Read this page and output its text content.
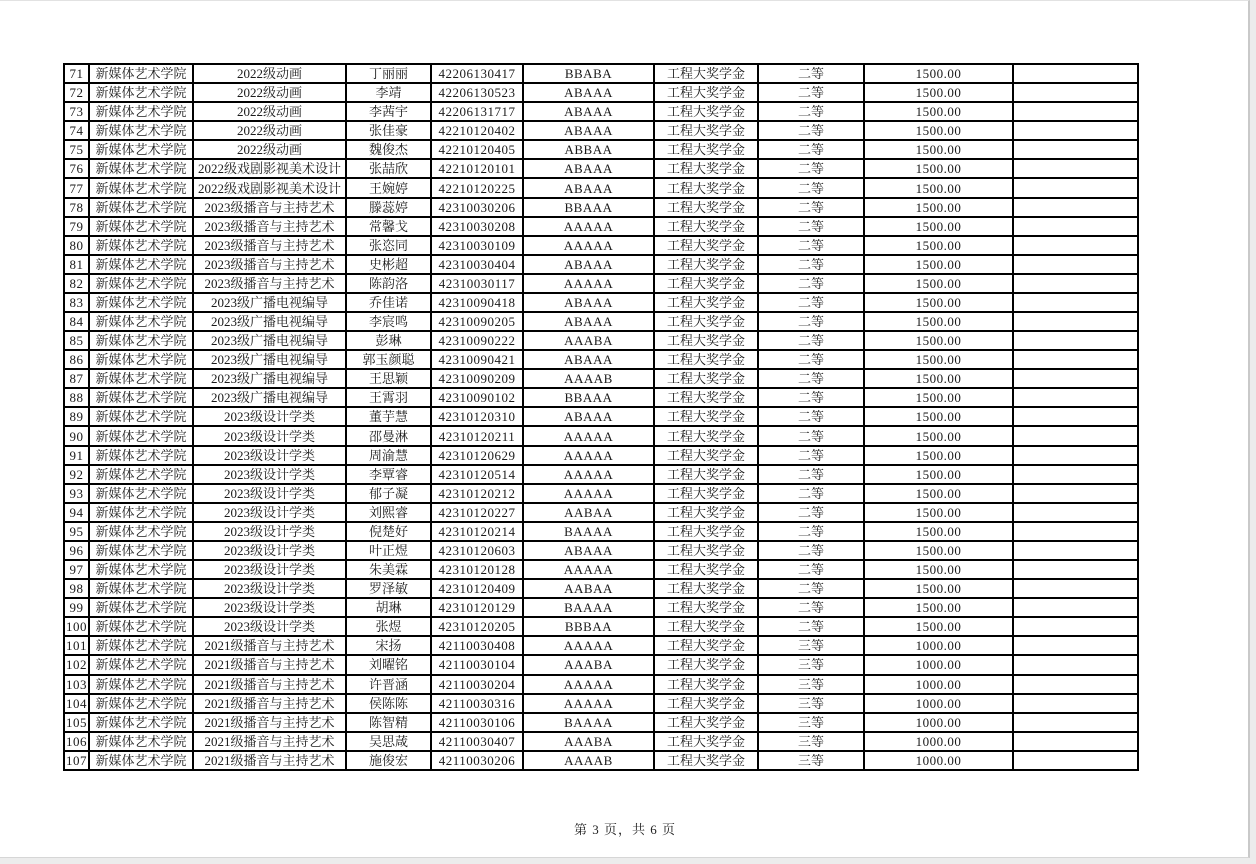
71	新媒体艺术学院	2022级动画	丁丽丽	42206130417	BBABA	工程大奖学金	二等	1500.00	
72	新媒体艺术学院	2022级动画	李靖	42206130523	ABAAA	工程大奖学金	二等	1500.00	
73	新媒体艺术学院	2022级动画	李茜宇	42206131717	ABAAA	工程大奖学金	二等	1500.00	
74	新媒体艺术学院	2022级动画	张佳豪	42210120402	ABAAA	工程大奖学金	二等	1500.00	
75	新媒体艺术学院	2022级动画	魏俊杰	42210120405	ABBAA	工程大奖学金	二等	1500.00	
76	新媒体艺术学院	2022级戏剧影视美术设计	张喆欣	42210120101	ABAAA	工程大奖学金	二等	1500.00	
77	新媒体艺术学院	2022级戏剧影视美术设计	王婉婷	42210120225	ABAAA	工程大奖学金	二等	1500.00	
78	新媒体艺术学院	2023级播音与主持艺术	滕蕊婷	42310030206	BBAAA	工程大奖学金	二等	1500.00	
79	新媒体艺术学院	2023级播音与主持艺术	常馨戈	42310030208	AAAAA	工程大奖学金	二等	1500.00	
80	新媒体艺术学院	2023级播音与主持艺术	张恣同	42310030109	AAAAA	工程大奖学金	二等	1500.00	
81	新媒体艺术学院	2023级播音与主持艺术	史彬超	42310030404	ABAAA	工程大奖学金	二等	1500.00	
82	新媒体艺术学院	2023级播音与主持艺术	陈韵洛	42310030117	AAAAA	工程大奖学金	二等	1500.00	
83	新媒体艺术学院	2023级广播电视编导	乔佳诺	42310090418	ABAAA	工程大奖学金	二等	1500.00	
84	新媒体艺术学院	2023级广播电视编导	李宸鸣	42310090205	ABAAA	工程大奖学金	二等	1500.00	
85	新媒体艺术学院	2023级广播电视编导	彭琳	42310090222	AAABA	工程大奖学金	二等	1500.00	
86	新媒体艺术学院	2023级广播电视编导	郭玉颜聪	42310090421	ABAAA	工程大奖学金	二等	1500.00	
87	新媒体艺术学院	2023级广播电视编导	王思颖	42310090209	AAAAB	工程大奖学金	二等	1500.00	
88	新媒体艺术学院	2023级广播电视编导	王霄羽	42310090102	BBAAA	工程大奖学金	二等	1500.00	
89	新媒体艺术学院	2023级设计学类	董芋慧	42310120310	ABAAA	工程大奖学金	二等	1500.00	
90	新媒体艺术学院	2023级设计学类	邵曼淋	42310120211	AAAAA	工程大奖学金	二等	1500.00	
91	新媒体艺术学院	2023级设计学类	周渝慧	42310120629	AAAAA	工程大奖学金	二等	1500.00	
92	新媒体艺术学院	2023级设计学类	李覃睿	42310120514	AAAAA	工程大奖学金	二等	1500.00	
93	新媒体艺术学院	2023级设计学类	郁子凝	42310120212	AAAAA	工程大奖学金	二等	1500.00	
94	新媒体艺术学院	2023级设计学类	刘熙睿	42310120227	AABAA	工程大奖学金	二等	1500.00	
95	新媒体艺术学院	2023级设计学类	倪楚好	42310120214	BAAAA	工程大奖学金	二等	1500.00	
96	新媒体艺术学院	2023级设计学类	叶正煜	42310120603	ABAAA	工程大奖学金	二等	1500.00	
97	新媒体艺术学院	2023级设计学类	朱美霖	42310120128	AAAAA	工程大奖学金	二等	1500.00	
98	新媒体艺术学院	2023级设计学类	罗泽敏	42310120409	AABAA	工程大奖学金	二等	1500.00	
99	新媒体艺术学院	2023级设计学类	胡琳	42310120129	BAAAA	工程大奖学金	二等	1500.00	
100	新媒体艺术学院	2023级设计学类	张煜	42310120205	BBBAA	工程大奖学金	二等	1500.00	
101	新媒体艺术学院	2021级播音与主持艺术	宋扬	42110030408	AAAAA	工程大奖学金	三等	1000.00	
102	新媒体艺术学院	2021级播音与主持艺术	刘曜铭	42110030104	AAABA	工程大奖学金	三等	1000.00	
103	新媒体艺术学院	2021级播音与主持艺术	许晋涵	42110030204	AAAAA	工程大奖学金	三等	1000.00	
104	新媒体艺术学院	2021级播音与主持艺术	侯陈陈	42110030316	AAAAA	工程大奖学金	三等	1000.00	
105	新媒体艺术学院	2021级播音与主持艺术	陈智精	42110030106	BAAAA	工程大奖学金	三等	1000.00	
106	新媒体艺术学院	2021级播音与主持艺术	吴思葴	42110030407	AAABA	工程大奖学金	三等	1000.00	
107	新媒体艺术学院	2021级播音与主持艺术	施俊宏	42110030206	AAAAB	工程大奖学金	三等	1000.00	
第 3 页，共 6 页
